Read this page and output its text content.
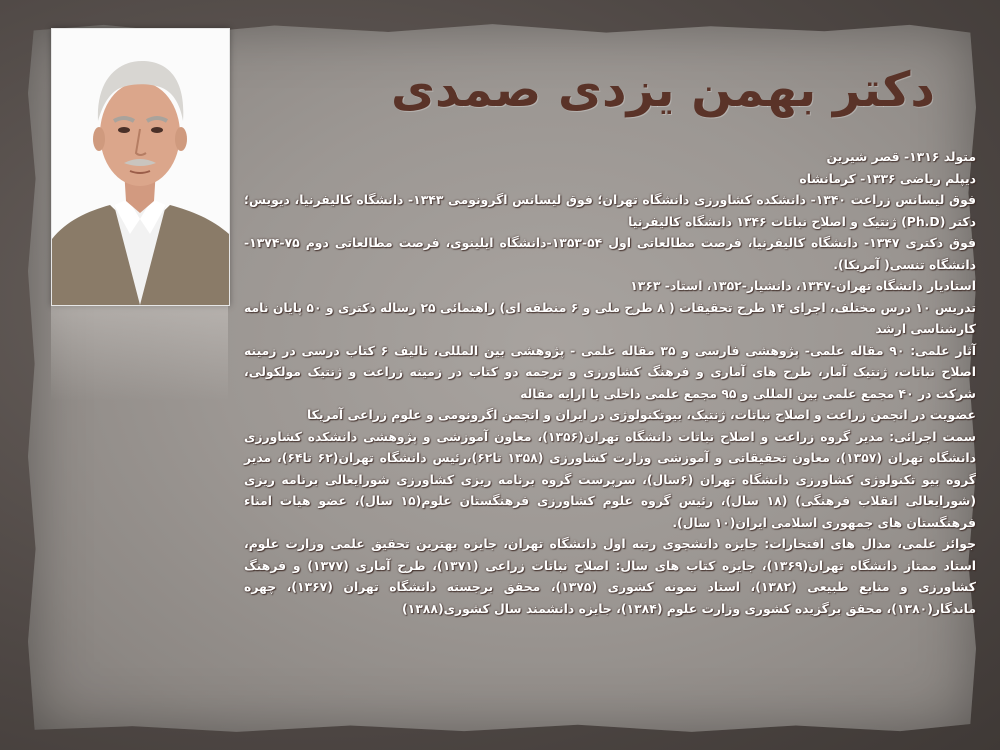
دکتر بهمن یزدی صمدی

متولد ۱۳۱۶- قصر شیرین

دیپلم ریاضی ۱۳۳۶- کرمانشاه

فوق لیسانس زراعت ۱۳۴۰- دانشکده کشاورزی دانشگاه تهران؛ فوق لیسانس اگرونومی ۱۳۴۳- دانشگاه کالیفرنیا، دیویس؛ دکتر (Ph.D) ژنتیک و اصلاح نباتات ۱۳۴۶ دانشگاه کالیفرنیا

فوق دکتری ۱۳۴۷- دانشگاه کالیفرنیا، فرصت مطالعاتی اول ۵۴-۱۳۵۳-دانشگاه ایلینوی، فرصت مطالعاتی دوم ۷۵-۱۳۷۴- دانشگاه تنسی( آمریکا).

استادیار دانشگاه تهران-۱۳۴۷، دانشیار-۱۳۵۲، استاد- ۱۳۶۳

تدریس ۱۰ درس مختلف، اجرای ۱۴ طرح تحقیقات ( ۸ طرح ملی و ۶ منطقه ای) راهنمائی ۲۵ رساله دکتری و ۵۰ پایان نامه کارشناسی ارشد

آثار علمی: ۹۰ مقاله علمی- پژوهشی فارسی و ۳۵ مقاله علمی - پژوهشی بین المللی، تالیف ۶ کتاب درسی در زمینه اصلاح نباتات، ژنتیک آمار، طرح های آماری و فرهنگ کشاورزی و ترجمه دو کتاب در زمینه زراعت و ژنتیک مولکولی، شرکت در ۴۰ مجمع علمی بین المللی و ۹۵ مجمع علمی داخلی با ارایه مقاله

عضویت در انجمن زراعت و اصلاح نباتات، ژنتیک، بیوتکنولوژی در ایران و انجمن اگرونومی و علوم زراعی آمریکا

سمت اجرائی: مدیر گروه زراعت و اصلاح نباتات دانشگاه تهران(۱۳۵۶)، معاون آموزشی و پژوهشی دانشکده کشاورزی دانشگاه تهران (۱۳۵۷)، معاون تحقیقاتی و آموزشی وزارت کشاورزی (۱۳۵۸ تا۶۲)،رئیس دانشگاه تهران(۶۲ تا۶۴)، مدیر گروه بیو تکنولوژی کشاورزی دانشگاه تهران (۶سال)، سرپرست گروه برنامه ریزی کشاورزی شورایعالی برنامه ریزی (شورایعالی انقلاب فرهنگی) (۱۸ سال)، رئیس گروه علوم کشاورزی فرهنگستان علوم(۱۵ سال)، عضو هیات امناء فرهنگستان های جمهوری اسلامی ایران(۱۰ سال).

جوائز علمی، مدال های افتخارات: جایزه دانشجوی رتبه اول دانشگاه تهران، جایزه بهترین تحقیق علمی وزارت علوم، استاد ممتاز دانشگاه تهران(۱۳۶۹)، جایزه کتاب های سال: اصلاح نباتات زراعی (۱۳۷۱)، طرح آماری (۱۳۷۷) و فرهنگ کشاورزی و منابع طبیعی (۱۳۸۲)، استاد نمونه کشوری (۱۳۷۵)، محقق برجسته دانشگاه تهران (۱۳۶۷)، چهره ماندگار(۱۳۸۰)، محقق برگزیده کشوری وزارت علوم (۱۳۸۴)، جایزه دانشمند سال کشوری(۱۳۸۸)
